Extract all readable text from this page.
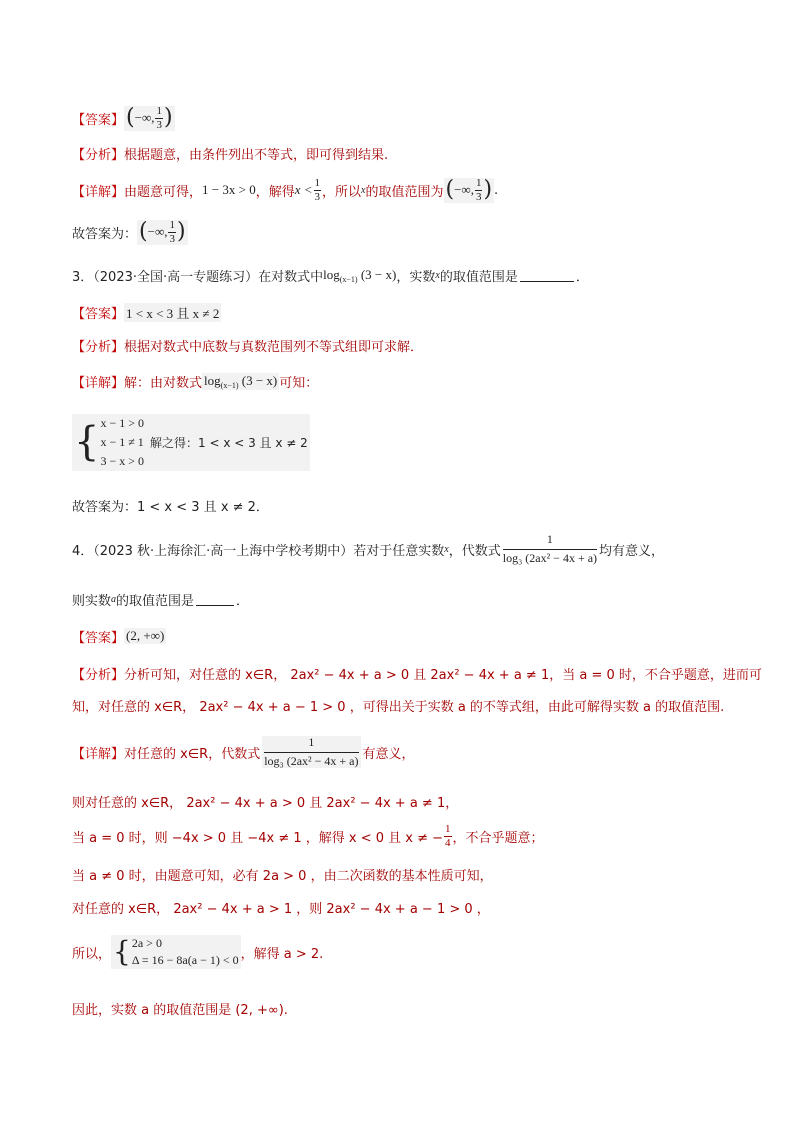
【答案】 ( −∞, $\frac{1}{3}$ )
【分析】 根据题意，由条件列出不等式，即可得到结果.
【详解】 由题意可得， 1 − 3x > 0 ，解得 $x < \frac{1}{3}$ ，所以 x 的取值范围为 ( −∞, $\frac{1}{3}$ ) .
故答案为： ( −∞, $\frac{1}{3}$ )
3．（2023·全国·高一专题练习）在对数式中 $\log_{(x-1)} (3 - x)$ ，实数 x 的取值范围是	．
【答案】 1 < x < 3 且 x ≠ 2
【分析】 根据对数式中底数与真数范围列不等式组即可求解．
【详解】 解：由对数式 $\log_{(x-1)} (3 - x)$ 可知：
{ x − 1 > 0
x − 1 ≠ 1
3 − x > 0
解之得：1 < x < 3 且 x ≠ 2
故答案为：1 < x < 3 且 x ≠ 2．
4．（2023 秋·上海徐汇·高一上海中学校考期中）若对于任意实数 x ，代数式
1
log₃ (2ax² − 4x + a) 均有意义，
则实数 a 的取值范围是	．
【答案】 (2, +∞)
【分析】 分析可知，对任意的 x∈R， 2ax² − 4x + a > 0 且 2ax² − 4x + a ≠ 1，当 a = 0 时，不合乎题意，进而可
知，对任意的 x∈R， 2ax² − 4x + a − 1 > 0 ，可得出关于实数 a 的不等式组，由此可解得实数 a 的取值范围.
【详解】 对任意的 x∈R，代数式
1
log₃ (2ax² − 4x + a) 有意义，
则对任意的 x∈R， 2ax² − 4x + a > 0 且 2ax² − 4x + a ≠ 1，
当 a = 0 时，则 −4x > 0 且 −4x ≠ 1 ，解得 x < 0 且 x ≠ − $\frac{1}{4}$ ，不合乎题意；
当 a ≠ 0 时，由题意可知，必有 2a > 0 ，由二次函数的基本性质可知，
对任意的 x∈R， 2ax² − 4x + a > 1 ，则 2ax² − 4x + a − 1 > 0 ，
所以， { 2a > 0
Δ = 16 − 8a(a − 1) < 0 ，解得 a > 2.
因此，实数 a 的取值范围是 (2, +∞).
